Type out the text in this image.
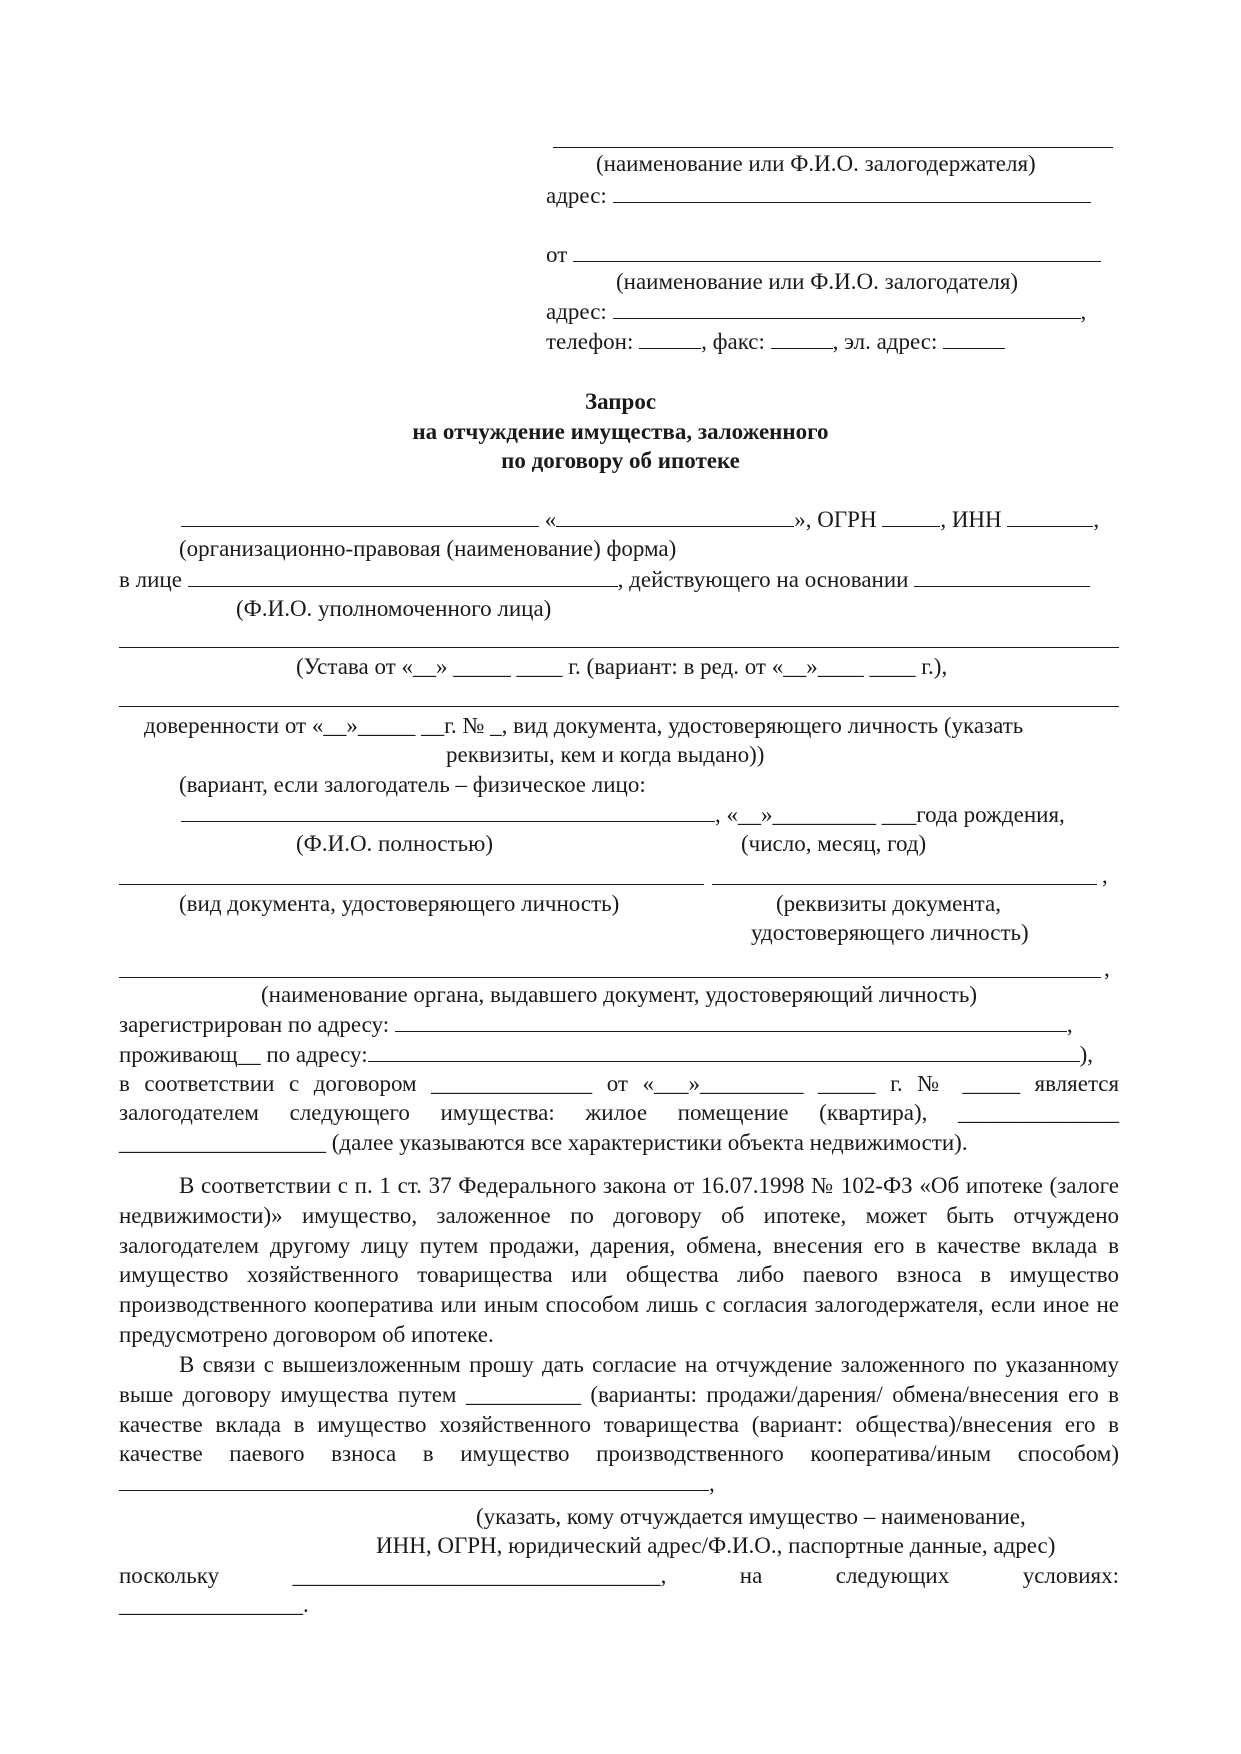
(наименование или Ф.И.О. залогодержателя)
адрес:
от
(наименование или Ф.И.О. залогодателя)
адрес:	,
телефон:	, факс:	, эл. адрес:
Запрос
на отчуждение имущества, заложенного
по договору об ипотеке
«	», ОГРН	, ИНН	,
(организационно-правовая (наименование) форма)
в лице	, действующего на основании
(Ф.И.О. уполномоченного лица)
(Устава от «__» _____ ____ г. (вариант: в ред. от «__»____ ____ г.),
доверенности от «__»_____ __г. № _, вид документа, удостоверяющего личность (указать
реквизиты, кем и когда выдано))
(вариант, если залогодатель – физическое лицо:
, «__»_________ ___года рождения,
(Ф.И.О. полностью)	(число, месяц, год)
,
(вид документа, удостоверяющего личность)	(реквизиты документа,
удостоверяющего личность)
,
(наименование органа, выдавшего документ, удостоверяющий личность)
зарегистрирован по адресу:	,
проживающ__ по адресу:	),
в соответствии с договором ______________ от «___»_________ _____ г. № _____ является
залогодателем следующего имущества: жилое помещение (квартира), ______________
__________________ (далее указываются все характеристики объекта недвижимости).

В соответствии с п. 1 ст. 37 Федерального закона от 16.07.1998 № 102-ФЗ «Об ипотеке (залоге недвижимости)» имущество, заложенное по договору об ипотеке, может быть отчуждено залогодателем другому лицу путем продажи, дарения, обмена, внесения его в качестве вклада в имущество хозяйственного товарищества или общества либо паевого взноса в имущество производственного кооператива или иным способом лишь с согласия залогодержателя, если иное не предусмотрено договором об ипотеке.

В связи с вышеизложенным прошу дать согласие на отчуждение заложенного по указанному выше договору имущества путем __________ (варианты: продажи/дарения/ обмена/внесения его в качестве вклада в имущество хозяйственного товарищества (вариант: общества)/внесения его в качестве паевого взноса в имущество производственного кооператива/иным способом) ,

(указать, кому отчуждается имущество – наименование,
ИНН, ОГРН, юридический адрес/Ф.И.О., паспортные данные, адрес)
поскольку	________________________________,	на	следующих	условиях:
________________.
